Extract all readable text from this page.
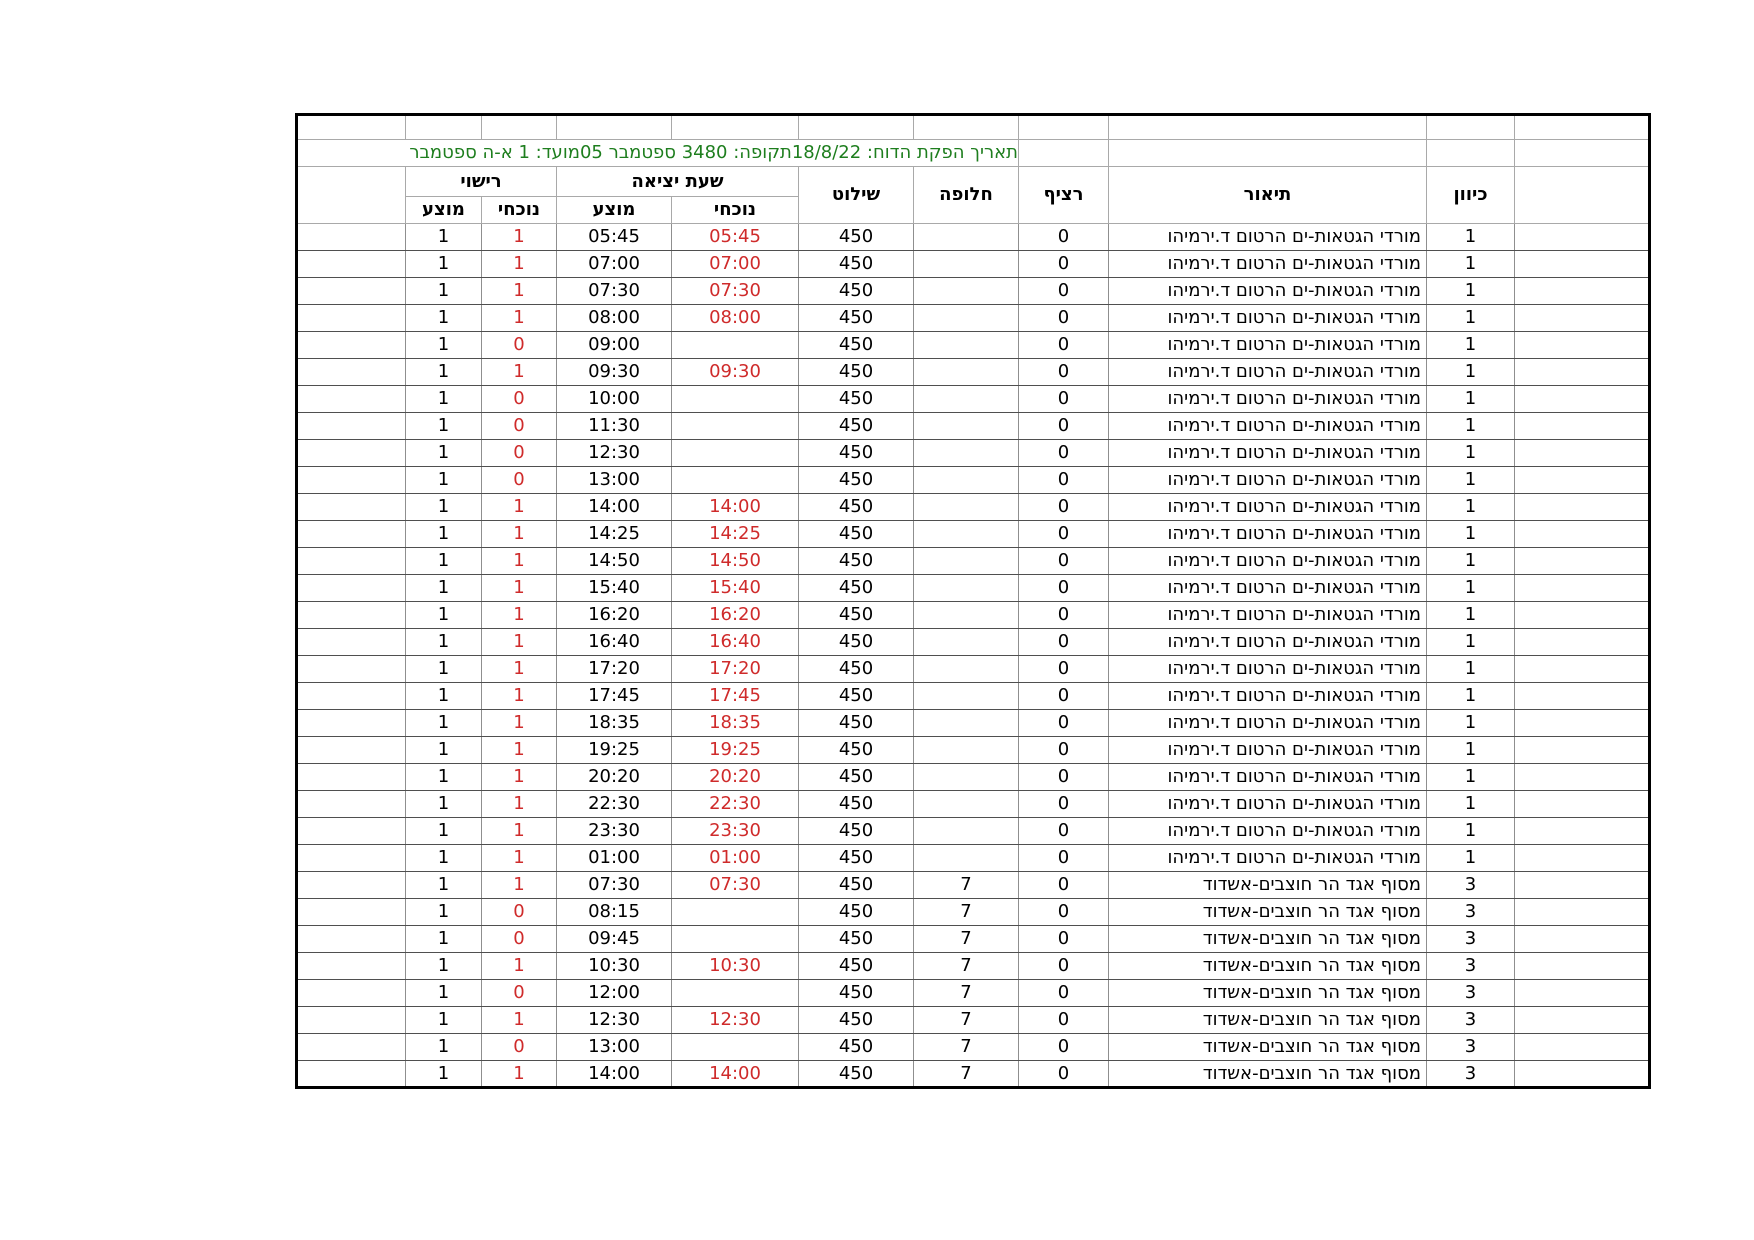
תאריך הפקת הדוח: 18/8/22תקופה: 3480 ספטמבר 05מועד: 1 א-ה ספטמבר										
	רישוי		שעת יציאה		שילוט	חלופה	רציף	תיאור	כיוון	
	מוצע	נוכחי	מוצע	נוכחי						
	1	1	05:45	05:45	450		0	מורדי הגטאות-ים הרטום ד.ירמיהו	1	
	1	1	07:00	07:00	450		0	מורדי הגטאות-ים הרטום ד.ירמיהו	1	
	1	1	07:30	07:30	450		0	מורדי הגטאות-ים הרטום ד.ירמיהו	1	
	1	1	08:00	08:00	450		0	מורדי הגטאות-ים הרטום ד.ירמיהו	1	
	1	0	09:00		450		0	מורדי הגטאות-ים הרטום ד.ירמיהו	1	
	1	1	09:30	09:30	450		0	מורדי הגטאות-ים הרטום ד.ירמיהו	1	
	1	0	10:00		450		0	מורדי הגטאות-ים הרטום ד.ירמיהו	1	
	1	0	11:30		450		0	מורדי הגטאות-ים הרטום ד.ירמיהו	1	
	1	0	12:30		450		0	מורדי הגטאות-ים הרטום ד.ירמיהו	1	
	1	0	13:00		450		0	מורדי הגטאות-ים הרטום ד.ירמיהו	1	
	1	1	14:00	14:00	450		0	מורדי הגטאות-ים הרטום ד.ירמיהו	1	
	1	1	14:25	14:25	450		0	מורדי הגטאות-ים הרטום ד.ירמיהו	1	
	1	1	14:50	14:50	450		0	מורדי הגטאות-ים הרטום ד.ירמיהו	1	
	1	1	15:40	15:40	450		0	מורדי הגטאות-ים הרטום ד.ירמיהו	1	
	1	1	16:20	16:20	450		0	מורדי הגטאות-ים הרטום ד.ירמיהו	1	
	1	1	16:40	16:40	450		0	מורדי הגטאות-ים הרטום ד.ירמיהו	1	
	1	1	17:20	17:20	450		0	מורדי הגטאות-ים הרטום ד.ירמיהו	1	
	1	1	17:45	17:45	450		0	מורדי הגטאות-ים הרטום ד.ירמיהו	1	
	1	1	18:35	18:35	450		0	מורדי הגטאות-ים הרטום ד.ירמיהו	1	
	1	1	19:25	19:25	450		0	מורדי הגטאות-ים הרטום ד.ירמיהו	1	
	1	1	20:20	20:20	450		0	מורדי הגטאות-ים הרטום ד.ירמיהו	1	
	1	1	22:30	22:30	450		0	מורדי הגטאות-ים הרטום ד.ירמיהו	1	
	1	1	23:30	23:30	450		0	מורדי הגטאות-ים הרטום ד.ירמיהו	1	
	1	1	01:00	01:00	450		0	מורדי הגטאות-ים הרטום ד.ירמיהו	1	
	1	1	07:30	07:30	450	7	0	מסוף אגד הר חוצבים-אשדוד	3	
	1	0	08:15		450	7	0	מסוף אגד הר חוצבים-אשדוד	3	
	1	0	09:45		450	7	0	מסוף אגד הר חוצבים-אשדוד	3	
	1	1	10:30	10:30	450	7	0	מסוף אגד הר חוצבים-אשדוד	3	
	1	0	12:00		450	7	0	מסוף אגד הר חוצבים-אשדוד	3	
	1	1	12:30	12:30	450	7	0	מסוף אגד הר חוצבים-אשדוד	3	
	1	0	13:00		450	7	0	מסוף אגד הר חוצבים-אשדוד	3	
	1	1	14:00	14:00	450	7	0	מסוף אגד הר חוצבים-אשדוד	3	
